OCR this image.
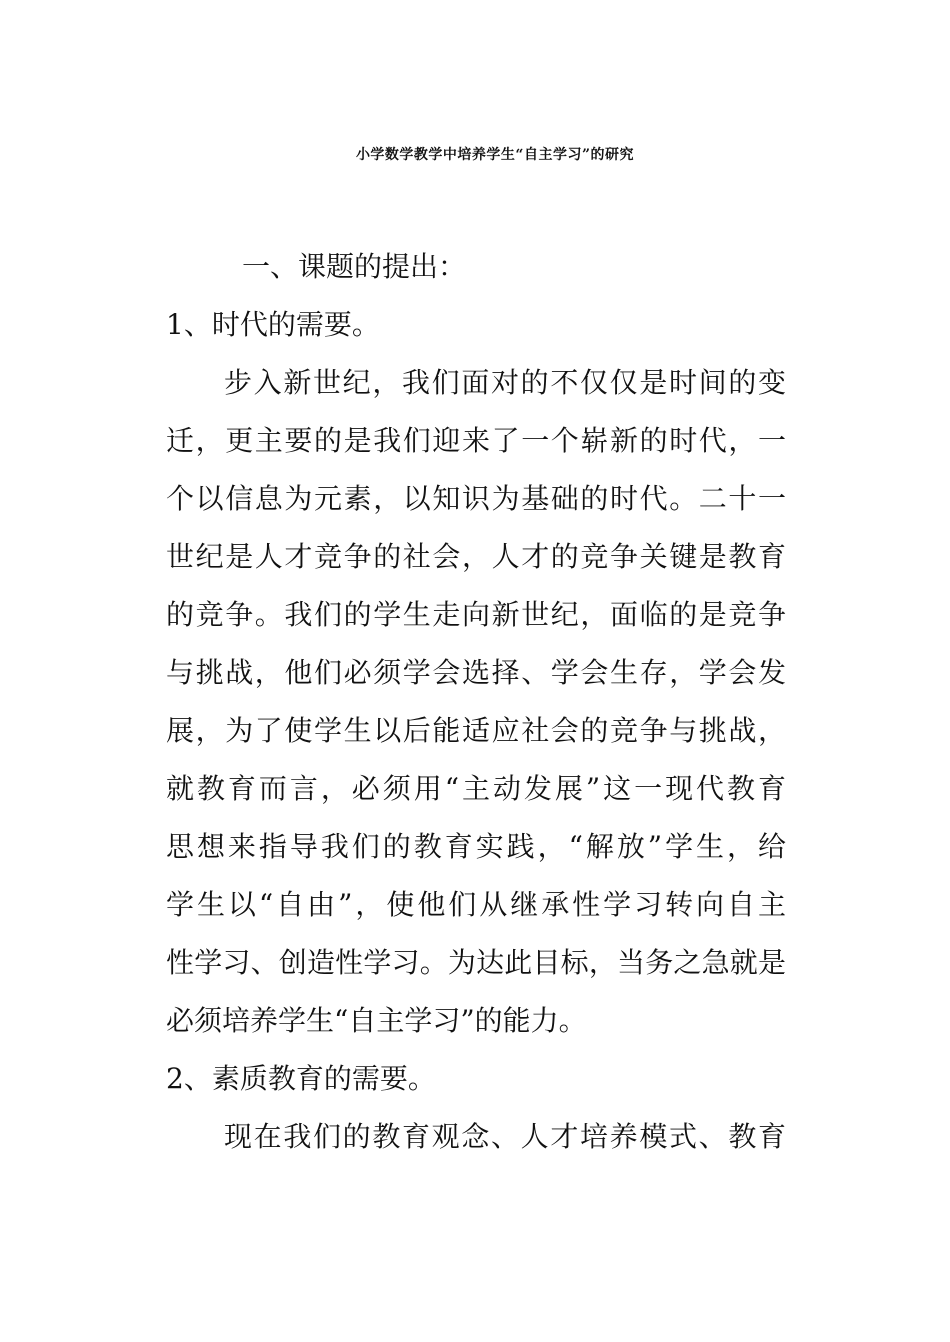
小学数学教学中培养学生“自主学习”的研究
一、课题的提出：
1、时代的需要。
步入新世纪，我们面对的不仅仅是时间的变
迁，更主要的是我们迎来了一个崭新的时代，一
个以信息为元素，以知识为基础的时代。二十一
世纪是人才竞争的社会，人才的竞争关键是教育
的竞争。我们的学生走向新世纪，面临的是竞争
与挑战，他们必须学会选择、学会生存，学会发
展，为了使学生以后能适应社会的竞争与挑战，
就教育而言，必须用“主动发展”这一现代教育
思想来指导我们的教育实践，“解放”学生，给
学生以“自由”，使他们从继承性学习转向自主
性学习、创造性学习。为达此目标，当务之急就是
必须培养学生“自主学习”的能力。
2、素质教育的需要。
现在我们的教育观念、人才培养模式、教育
